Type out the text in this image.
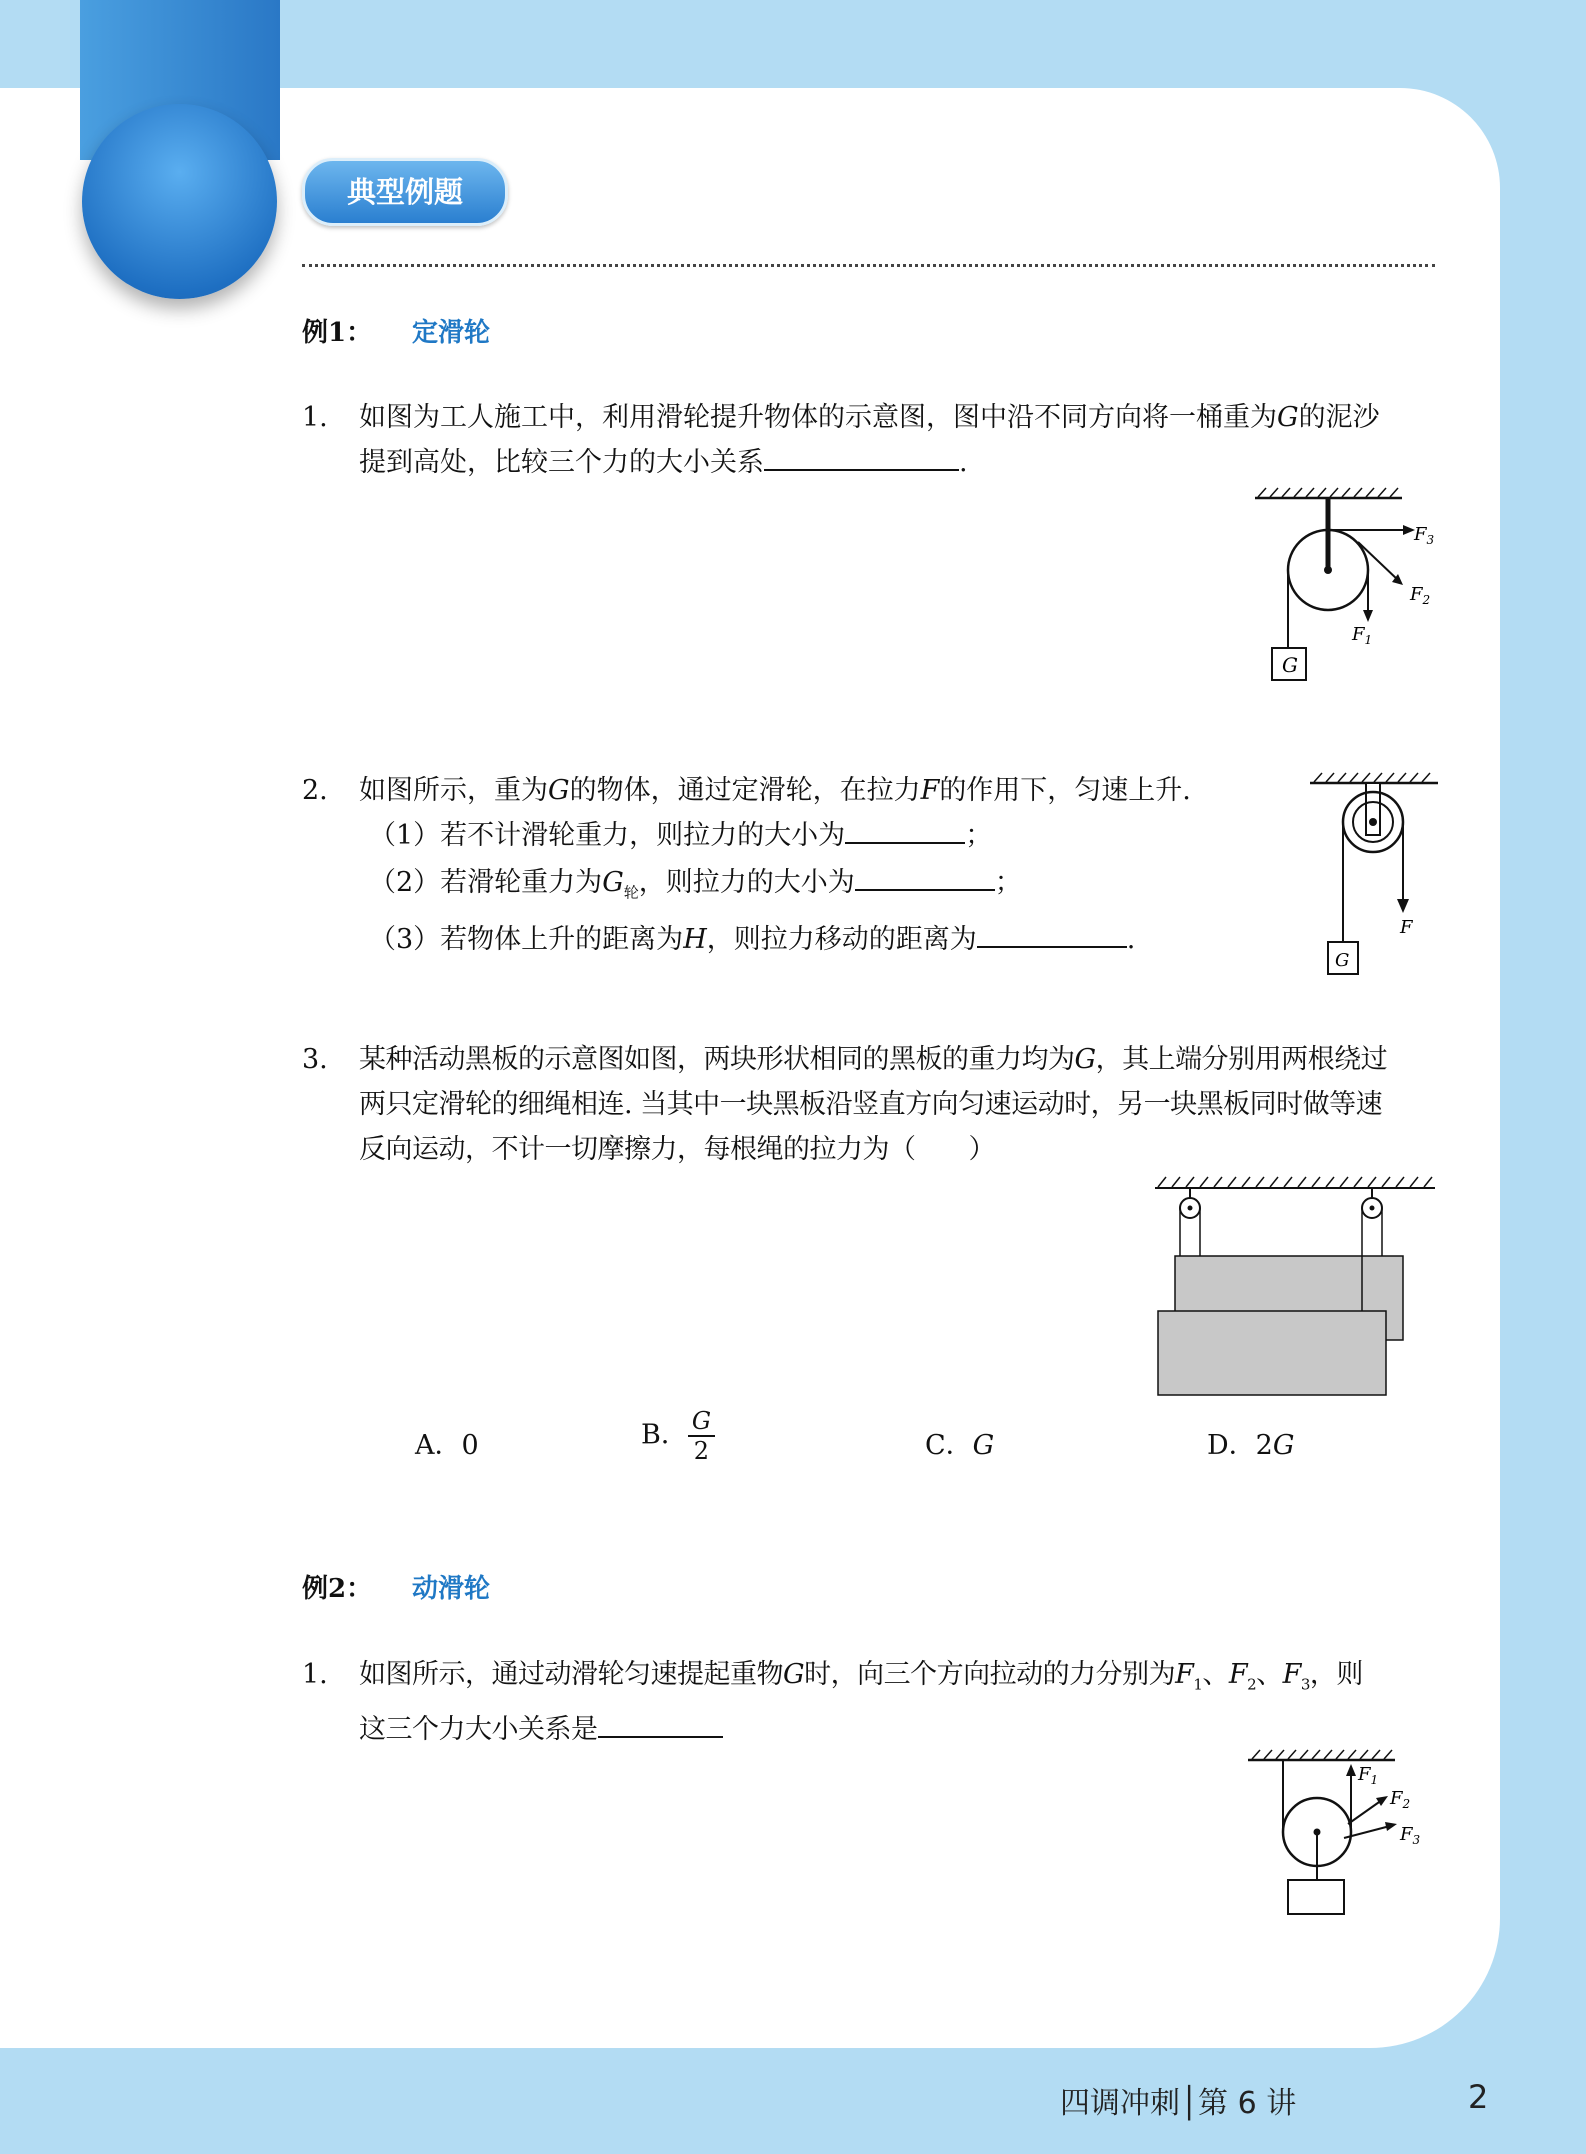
典型例题
例1： 定滑轮
1. 如图为工人施工中，利用滑轮提升物体的示意图，图中沿不同方向将一桶重为G的泥沙
提到高处，比较三个力的大小关系	.
G
$F_3$
$F_2$
$F_1$
2. 如图所示，重为G的物体，通过定滑轮，在拉力F的作用下，匀速上升.
（1）若不计滑轮重力，则拉力的大小为	；
（2）若滑轮重力为$G_轮$，则拉力的大小为	；
（3）若物体上升的距离为H，则拉力移动的距离为	.
G
F
3. 某种活动黑板的示意图如图，两块形状相同的黑板的重力均为G，其上端分别用两根绕过
两只定滑轮的细绳相连. 当其中一块黑板沿竖直方向匀速运动时，另一块黑板同时做等速
反向运动，不计一切摩擦力，每根绳的拉力为（　　）
A．0	B． $\frac{G}{2}$	C．G	D．2G
例2： 动滑轮
1. 如图所示，通过动滑轮匀速提起重物G时，向三个方向拉动的力分别为$F_1$、$F_2$、$F_3$，则
这三个力大小关系是
$F_1$
$F_2$
$F_3$
四调冲刺│第 6 讲	2
